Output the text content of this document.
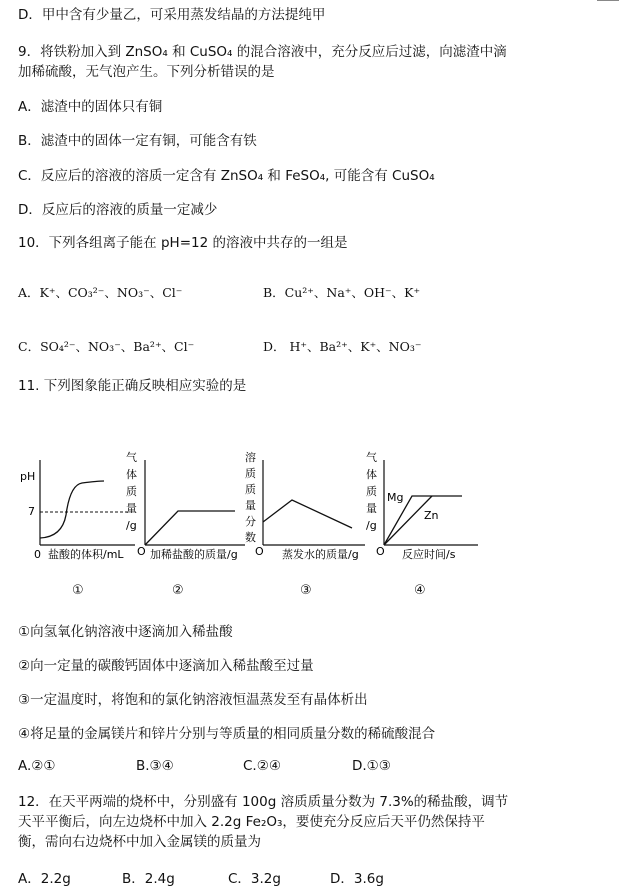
D．甲中含有少量乙，可采用蒸发结晶的方法提纯甲
9．将铁粉加入到 ZnSO₄ 和 CuSO₄ 的混合溶液中，充分反应后过滤，向滤渣中滴
加稀硫酸，无气泡产生。下列分析错误的是
A．滤渣中的固体只有铜
B．滤渣中的固体一定有铜，可能含有铁
C．反应后的溶液的溶质一定含有 ZnSO₄ 和 FeSO₄, 可能含有 CuSO₄
D．反应后的溶液的质量一定减少
10．下列各组离子能在 pH=12 的溶液中共存的一组是
A．K⁺、CO₃²⁻、NO₃⁻、Cl⁻	B．Cu²⁺、Na⁺、OH⁻、K⁺
C．SO₄²⁻、NO₃⁻、Ba²⁺、Cl⁻	D． H⁺、Ba²⁺、K⁺、NO₃⁻
11. 下列图象能正确反映相应实验的是
pH
7
0 盐酸的体积/mL
气
体
质
量
/g
O 加稀盐酸的质量/g
溶
质
质
量
分
数
O 蒸发水的质量/g
气
体
质
量
/g
Mg
Zn
O 反应时间/s
①	②	③	④
①向氢氧化钠溶液中逐滴加入稀盐酸
②向一定量的碳酸钙固体中逐滴加入稀盐酸至过量
③一定温度时，将饱和的氯化钠溶液恒温蒸发至有晶体析出
④将足量的金属镁片和锌片分别与等质量的相同质量分数的稀硫酸混合
A.②①	B.③④	C.②④	D.①③
12．在天平两端的烧杯中，分别盛有 100g 溶质质量分数为 7.3%的稀盐酸，调节
天平平衡后，向左边烧杯中加入 2.2g Fe₂O₃，要使充分反应后天平仍然保持平
衡，需向右边烧杯中加入金属镁的质量为
A．2.2g	B．2.4g	C．3.2g	D．3.6g
